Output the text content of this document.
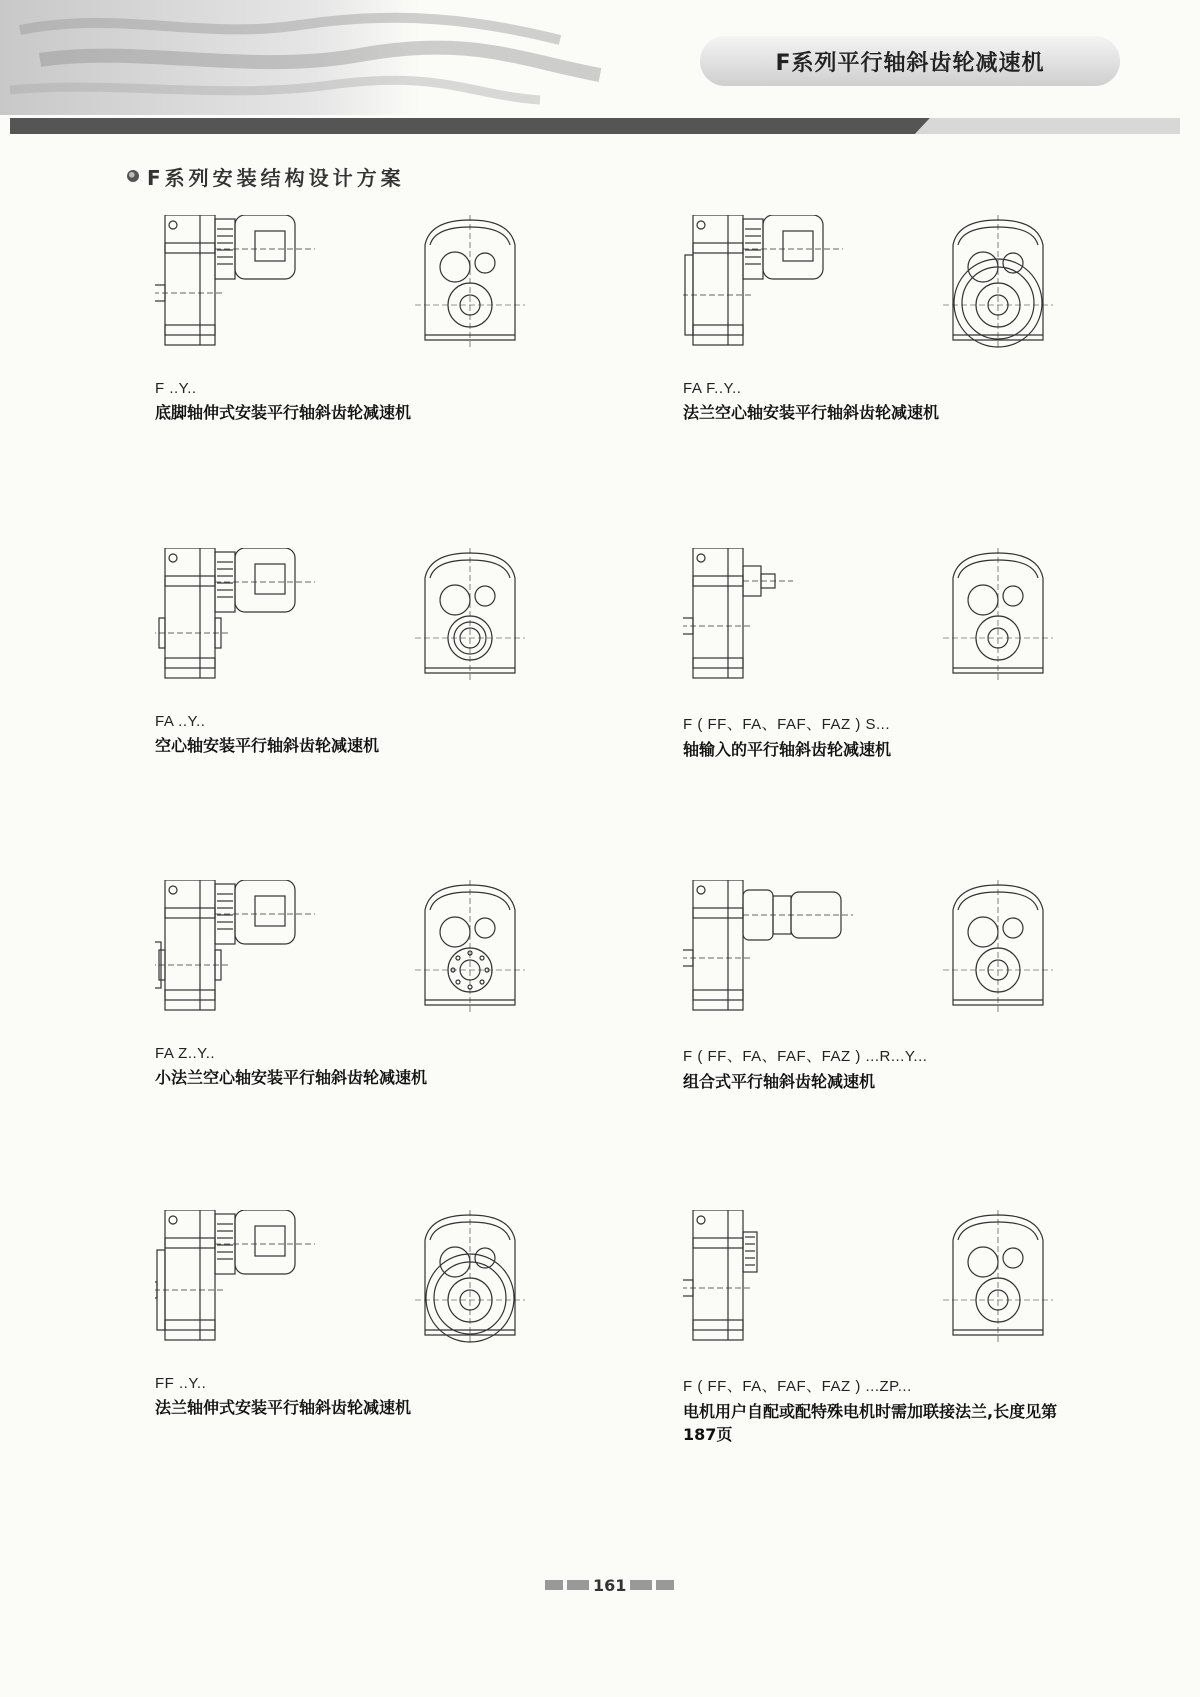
F系列平行轴斜齿轮减速机
F系列安装结构设计方案
F ..Y..
底脚轴伸式安装平行轴斜齿轮减速机
FA F..Y..
法兰空心轴安装平行轴斜齿轮减速机
FA ..Y..
空心轴安装平行轴斜齿轮减速机
F ( FF、FA、FAF、FAZ ) S...
轴输入的平行轴斜齿轮减速机
FA Z..Y..
小法兰空心轴安装平行轴斜齿轮减速机
F ( FF、FA、FAF、FAZ ) ...R...Y...
组合式平行轴斜齿轮减速机
FF ..Y..
法兰轴伸式安装平行轴斜齿轮减速机
F ( FF、FA、FAF、FAZ ) ...ZP...
电机用户自配或配特殊电机时需加联接法兰,长度见第187页
161
